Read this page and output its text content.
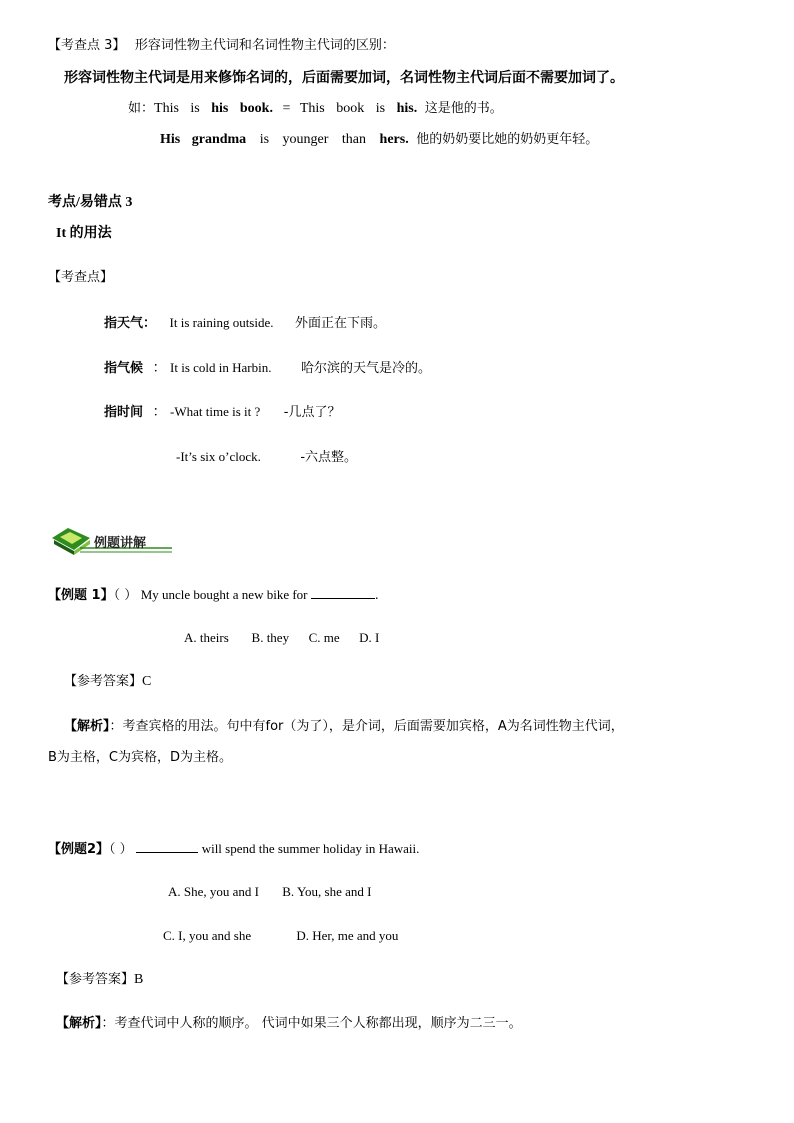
【考查点 3】 形容词性物主代词和名词性物主代词的区别：
形容词性物主代词是用来修饰名词的，后面需要加词，名词性物主代词后面不需要加词了。
如：This is his book. = This book is his. 这是他的书。
His grandma is younger than hers. 他的奶奶要比她的奶奶更年轻。
考点/易错点 3
It 的用法
【考查点】
指天气： It is raining outside. 外面正在下雨。
指气候 ： It is cold in Harbin. 哈尔滨的天气是冷的。
指时间 ： -What time is it ? -几点了？
-It’s six o’clock.	-六点整。
例题讲解
【例题 1】（ ） My uncle bought a new bike for	.
A. theirs       B. they      C. me      D. I
【参考答案】C
【解析】：考查宾格的用法。句中有for（为了），是介词，后面需要加宾格，A为名词性物主代词，
B为主格，C为宾格，D为主格。
【例题2】（ ）	will spend the summer holiday in Hawaii.
A. She, you and I B. You, she and I
C. I, you and she	D. Her, me and you
【参考答案】B
【解析】：考查代词中人称的顺序。 代词中如果三个人称都出现，顺序为二三一。
